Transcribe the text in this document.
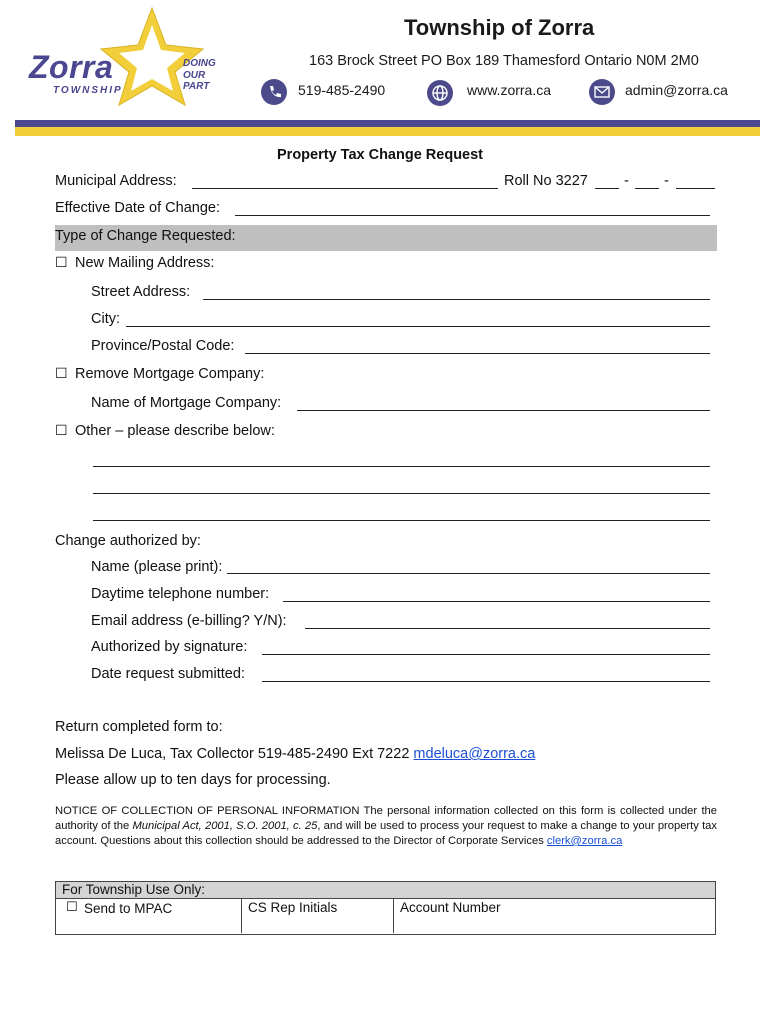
Zorra
TOWNSHIP
DOING
OUR PART
Township of Zorra
163 Brock Street PO Box 189 Thamesford Ontario N0M 2M0
519-485-2490	www.zorra.ca	admin@zorra.ca
Property Tax Change Request
Municipal Address:	Roll No 3227 - -
Effective Date of Change:
Type of Change Requested:
☐ New Mailing Address:
Street Address:
City:
Province/Postal Code:
☐ Remove Mortgage Company:
Name of Mortgage Company:
☐ Other – please describe below:
Change authorized by:
Name (please print):
Daytime telephone number:
Email address (e-billing? Y/N):
Authorized by signature:
Date request submitted:
Return completed form to:
Melissa De Luca, Tax Collector 519-485-2490 Ext 7222 mdeluca@zorra.ca
Please allow up to ten days for processing.
NOTICE OF COLLECTION OF PERSONAL INFORMATION The personal information collected on this form is collected under the authority of the Municipal Act, 2001, S.O. 2001, c. 25, and will be used to process your request to make a change to your property tax account. Questions about this collection should be addressed to the Director of Corporate Services clerk@zorra.ca
For Township Use Only:
☐ Send to MPAC	CS Rep Initials	Account Number
